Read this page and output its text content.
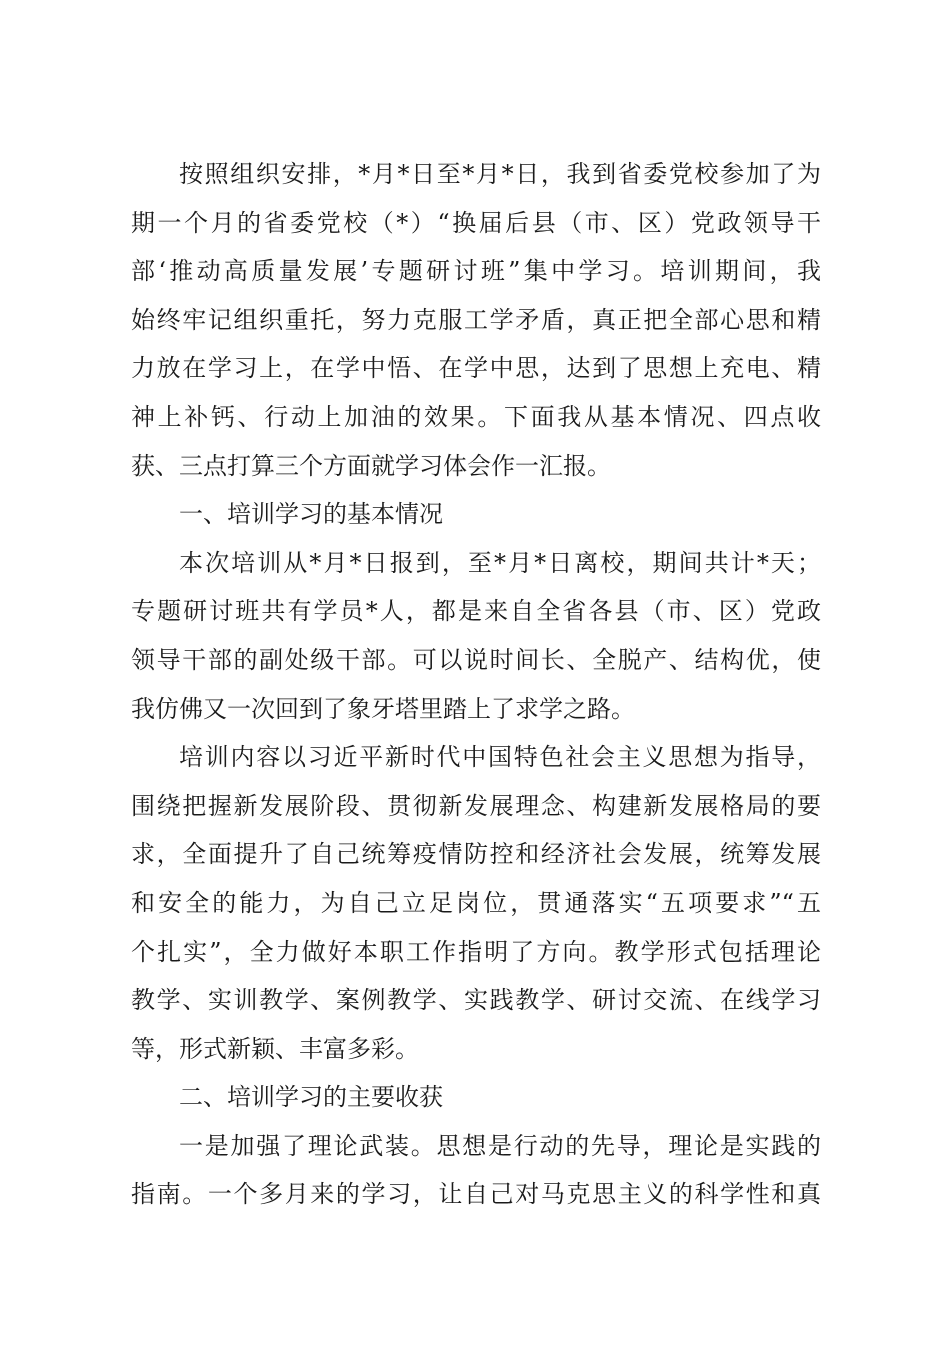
按照组织安排，*月*日至*月*日，我到省委党校参加了为
期一个月的省委党校（*）“换届后县（市、区）党政领导干
部‘推动高质量发展’专题研讨班”集中学习。培训期间，我
始终牢记组织重托，努力克服工学矛盾，真正把全部心思和精
力放在学习上，在学中悟、在学中思，达到了思想上充电、精
神上补钙、行动上加油的效果。下面我从基本情况、四点收
获、三点打算三个方面就学习体会作一汇报。
一、培训学习的基本情况
本次培训从*月*日报到，至*月*日离校，期间共计*天；
专题研讨班共有学员*人，都是来自全省各县（市、区）党政
领导干部的副处级干部。可以说时间长、全脱产、结构优，使
我仿佛又一次回到了象牙塔里踏上了求学之路。
培训内容以习近平新时代中国特色社会主义思想为指导，
围绕把握新发展阶段、贯彻新发展理念、构建新发展格局的要
求，全面提升了自己统筹疫情防控和经济社会发展，统筹发展
和安全的能力，为自己立足岗位，贯通落实“五项要求”“五
个扎实”，全力做好本职工作指明了方向。教学形式包括理论
教学、实训教学、案例教学、实践教学、研讨交流、在线学习
等，形式新颖、丰富多彩。
二、培训学习的主要收获
一是加强了理论武装。思想是行动的先导，理论是实践的
指南。一个多月来的学习，让自己对马克思主义的科学性和真
